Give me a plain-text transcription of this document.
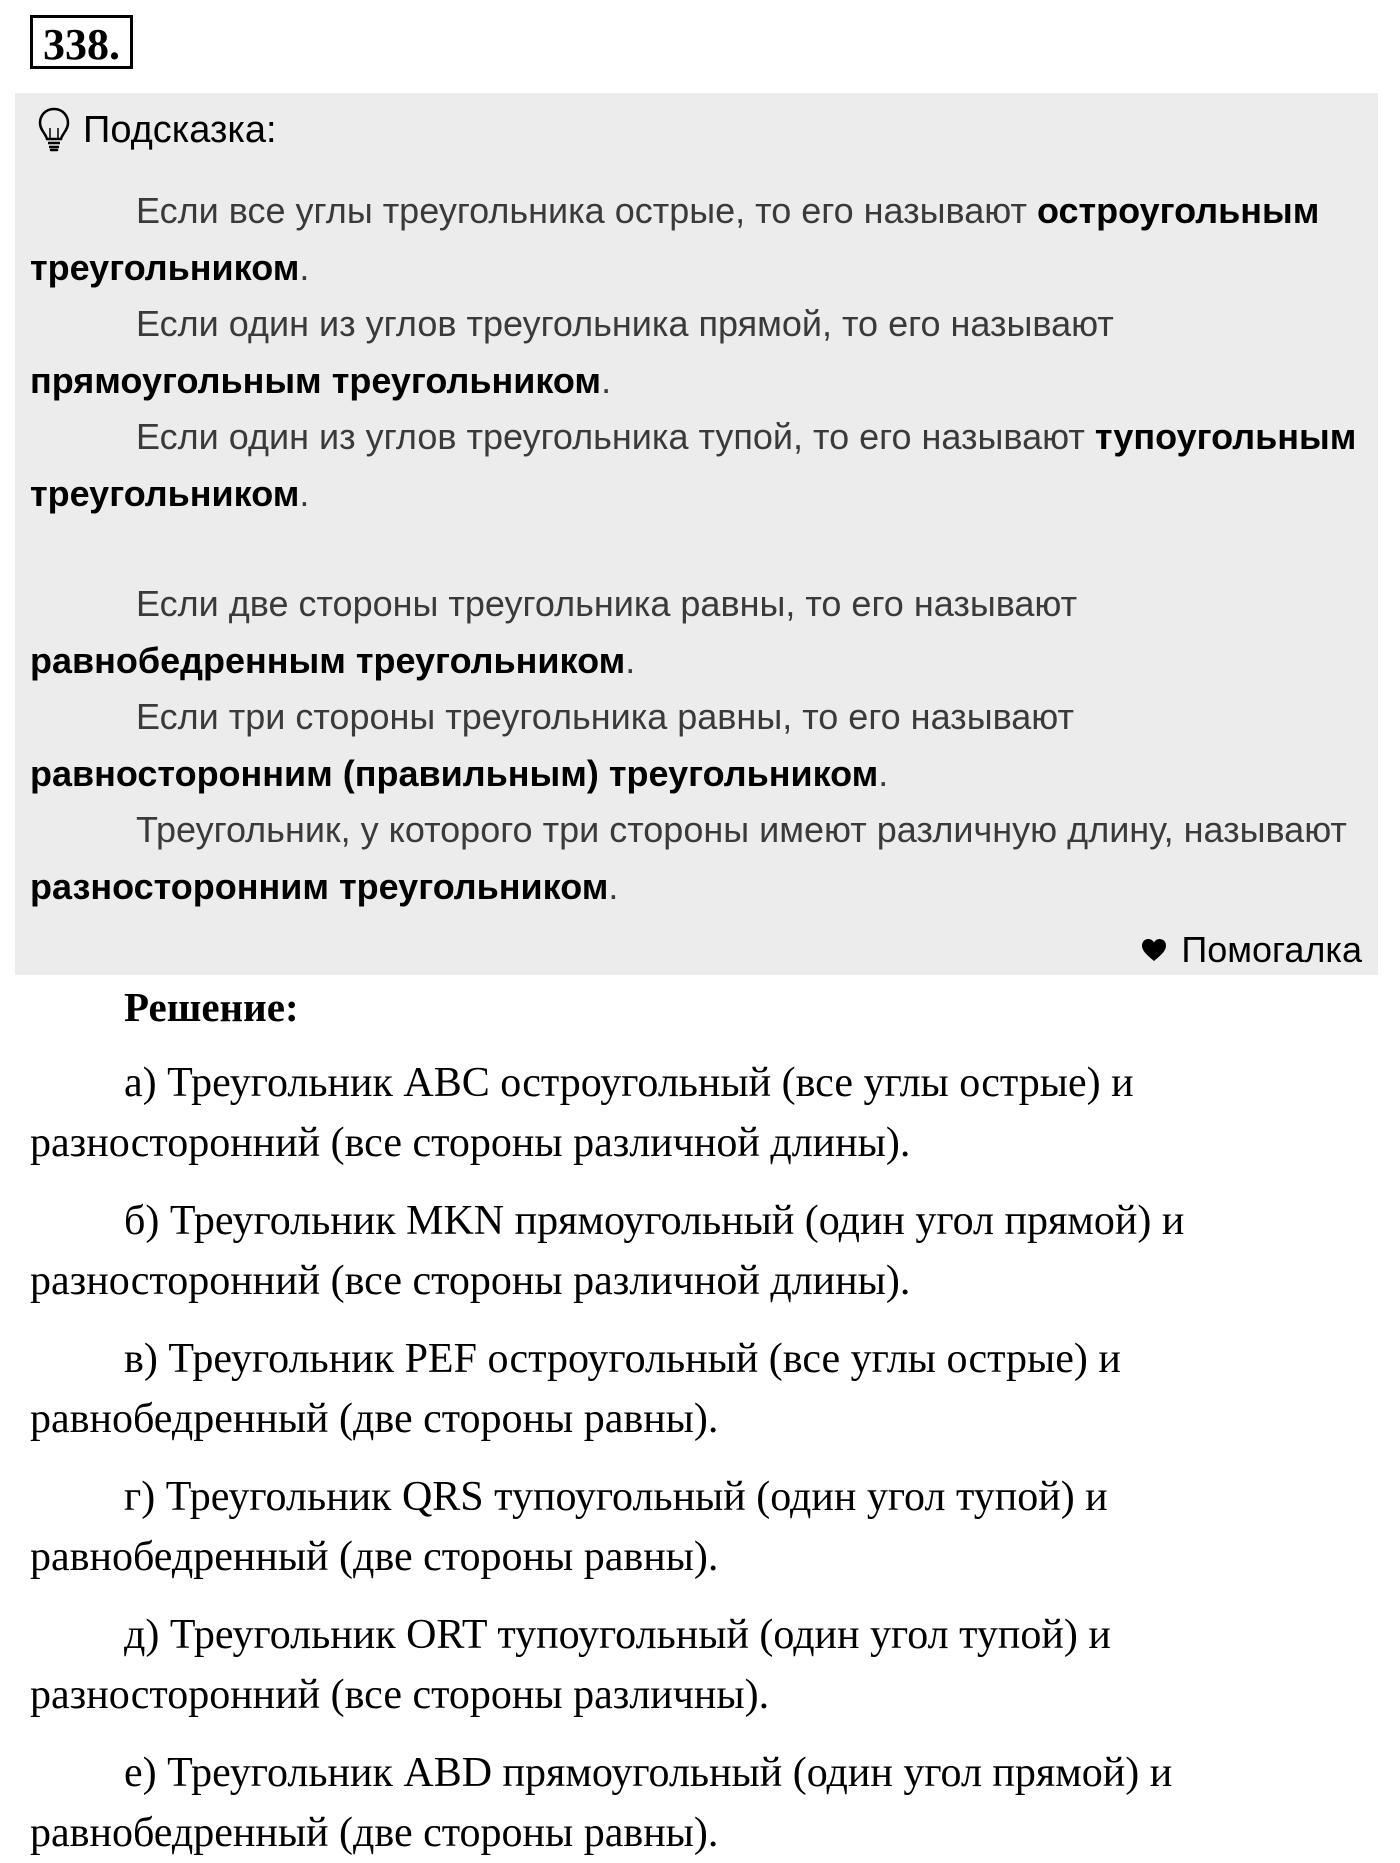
338.
Подсказка:

Если все углы треугольника острые, то его называют остроугольным треугольником.

Если один из углов треугольника прямой, то его называют прямоугольным треугольником.

Если один из углов треугольника тупой, то его называют тупоугольным треугольником.

Если две стороны треугольника равны, то его называют равнобедренным треугольником.

Если три стороны треугольника равны, то его называют равносторонним (правильным) треугольником.

Треугольник, у которого три стороны имеют различную длину, называют разносторонним треугольником.

Помогалка

Решение:

а) Треугольник ABC остроугольный (все углы острые) и разносторонний (все стороны различной длины).

б) Треугольник MKN прямоугольный (один угол прямой) и разносторонний (все стороны различной длины).

в) Треугольник PEF остроугольный (все углы острые) и равнобедренный (две стороны равны).

г) Треугольник QRS тупоугольный (один угол тупой) и равнобедренный (две стороны равны).

д) Треугольник ORT тупоугольный (один угол тупой) и разносторонний (все стороны различны).

е) Треугольник ABD прямоугольный (один угол прямой) и равнобедренный (две стороны равны).
